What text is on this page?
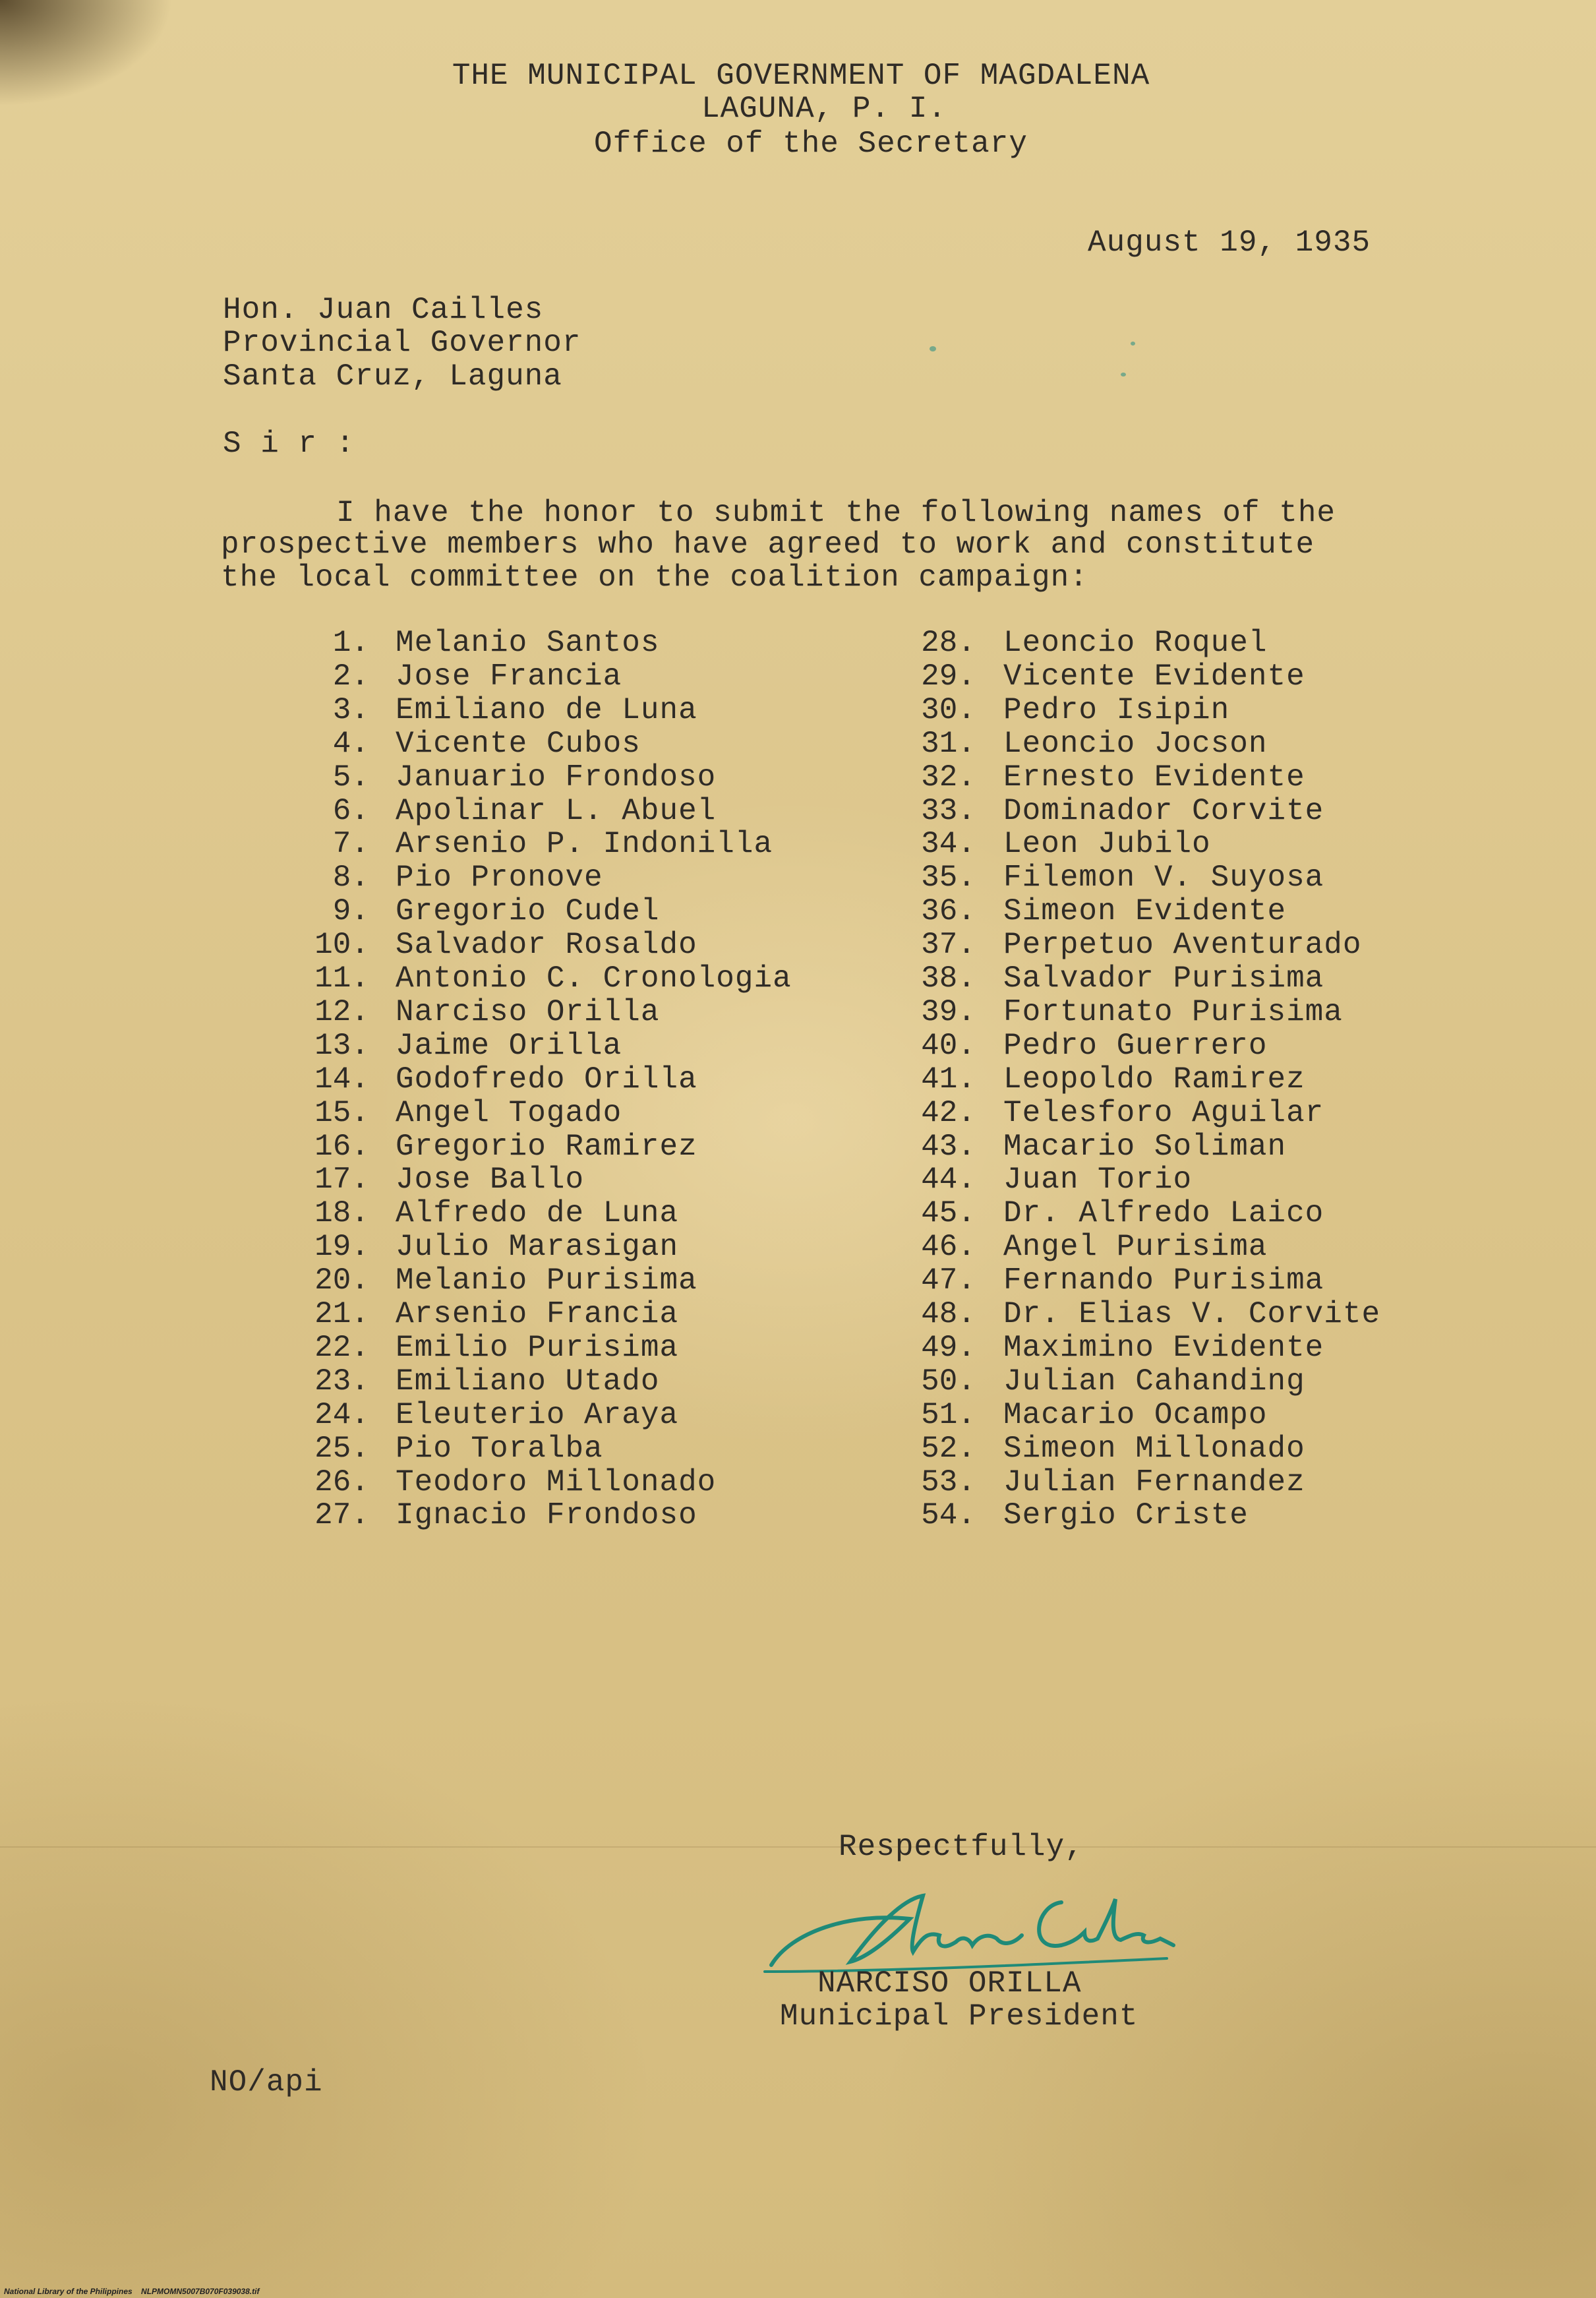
THE MUNICIPAL GOVERNMENT OF MAGDALENA
LAGUNA, P. I.
Office of the Secretary
August 19, 1935
Hon. Juan Cailles
Provincial Governor
Santa Cruz, Laguna
S i r :
I have the honor to submit the following names of the
prospective members who have agreed to work and constitute
the local committee on the coalition campaign:
1. Melanio Santos
2. Jose Francia
3. Emiliano de Luna
4. Vicente Cubos
5. Januario Frondoso
6. Apolinar L. Abuel
7. Arsenio P. Indonilla
8. Pio Pronove
9. Gregorio Cudel
10. Salvador Rosaldo
11. Antonio C. Cronologia
12. Narciso Orilla
13. Jaime Orilla
14. Godofredo Orilla
15. Angel Togado
16. Gregorio Ramirez
17. Jose Ballo
18. Alfredo de Luna
19. Julio Marasigan
20. Melanio Purisima
21. Arsenio Francia
22. Emilio Purisima
23. Emiliano Utado
24. Eleuterio Araya
25. Pio Toralba
26. Teodoro Millonado
27. Ignacio Frondoso
28. Leoncio Roquel
29. Vicente Evidente
30. Pedro Isipin
31. Leoncio Jocson
32. Ernesto Evidente
33. Dominador Corvite
34. Leon Jubilo
35. Filemon V. Suyosa
36. Simeon Evidente
37. Perpetuo Aventurado
38. Salvador Purisima
39. Fortunato Purisima
40. Pedro Guerrero
41. Leopoldo Ramirez
42. Telesforo Aguilar
43. Macario Soliman
44. Juan Torio
45. Dr. Alfredo Laico
46. Angel Purisima
47. Fernando Purisima
48. Dr. Elias V. Corvite
49. Maximino Evidente
50. Julian Cahanding
51. Macario Ocampo
52. Simeon Millonado
53. Julian Fernandez
54. Sergio Criste
Respectfully,
NARCISO ORILLA
Municipal President
NO/api
National Library of the Philippines    NLPMOMN5007B070F039038.tif
